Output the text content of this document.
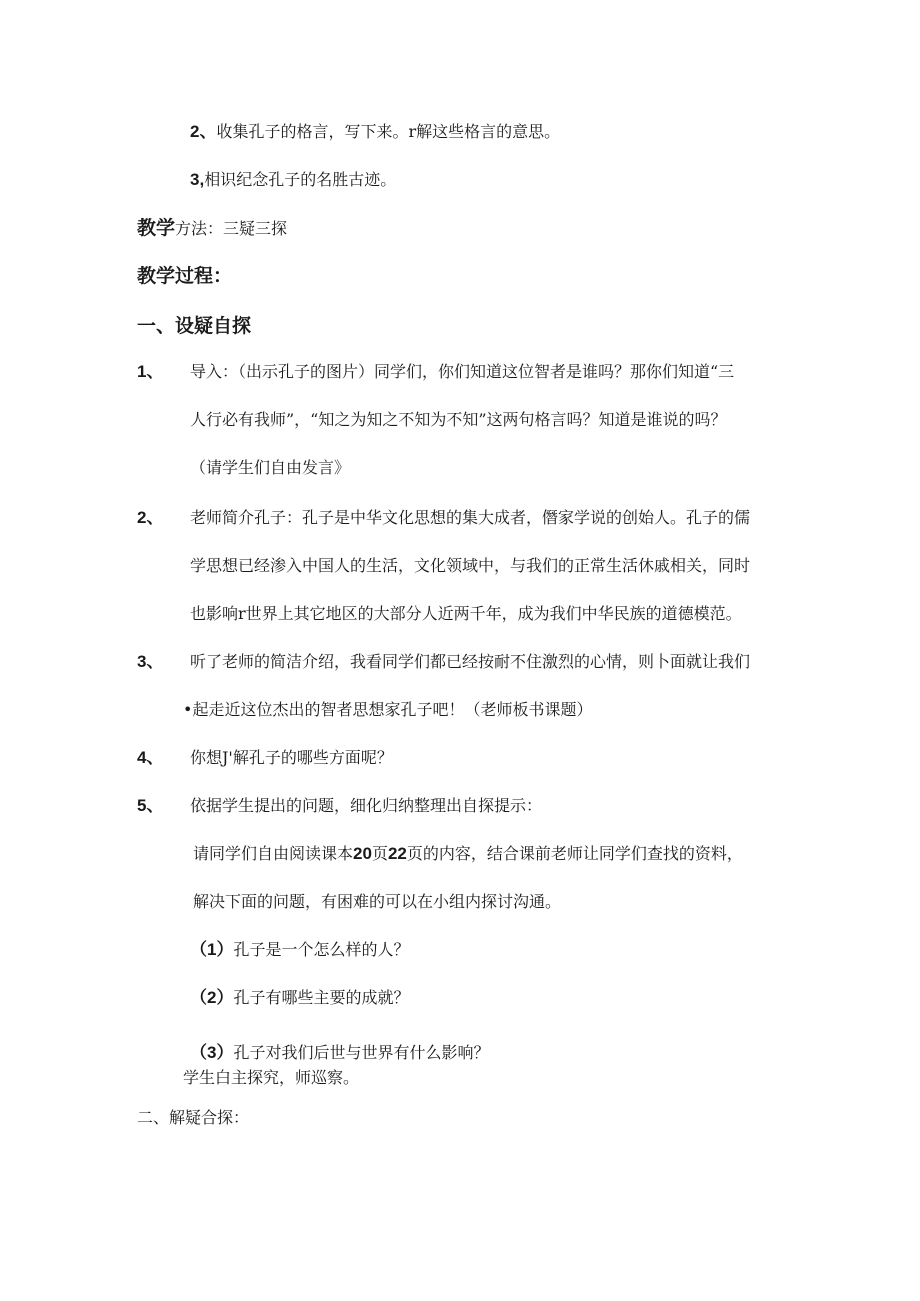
2、收集孔子的格言，写下来。r解这些格言的意思。
3,相识纪念孔子的名胜古迹。
教学方法：三疑三探
教学过程：
一、设疑自探
1、 导入：（出示孔子的图片）同学们，你们知道这位智者是谁吗？那你们知道“三
人行必有我师”，“知之为知之不知为不知”这两句格言吗？知道是谁说的吗？
（请学生们自由发言》
2、 老师简介孔子：孔子是中华文化思想的集大成者，僭家学说的创始人。孔子的儒
学思想已经渗入中国人的生活，文化领域中，与我们的正常生活休戚相关，同时
也影响r世界上其它地区的大部分人近两千年，成为我们中华民族的道德模范。
3、 听了老师的简洁介绍，我看同学们都已经按耐不住激烈的心情，则卜面就让我们
•起走近这位杰出的智者思想家孔子吧！（老师板书课题）
4、 你想J'解孔子的哪些方面呢？
5、 依据学生提出的问题，细化归纳整理出自探提示：
请同学们自由阅读课本20页22页的内容，结合课前老师让同学们查找的资料，
解决下面的问题，有困难的可以在小组内探讨沟通。
（1）孔子是一个怎么样的人？
（2）孔子有哪些主要的成就？
（3）孔子对我们后世与世界有什么影响？
学生白主探究，师巡察。
二、解疑合探：
